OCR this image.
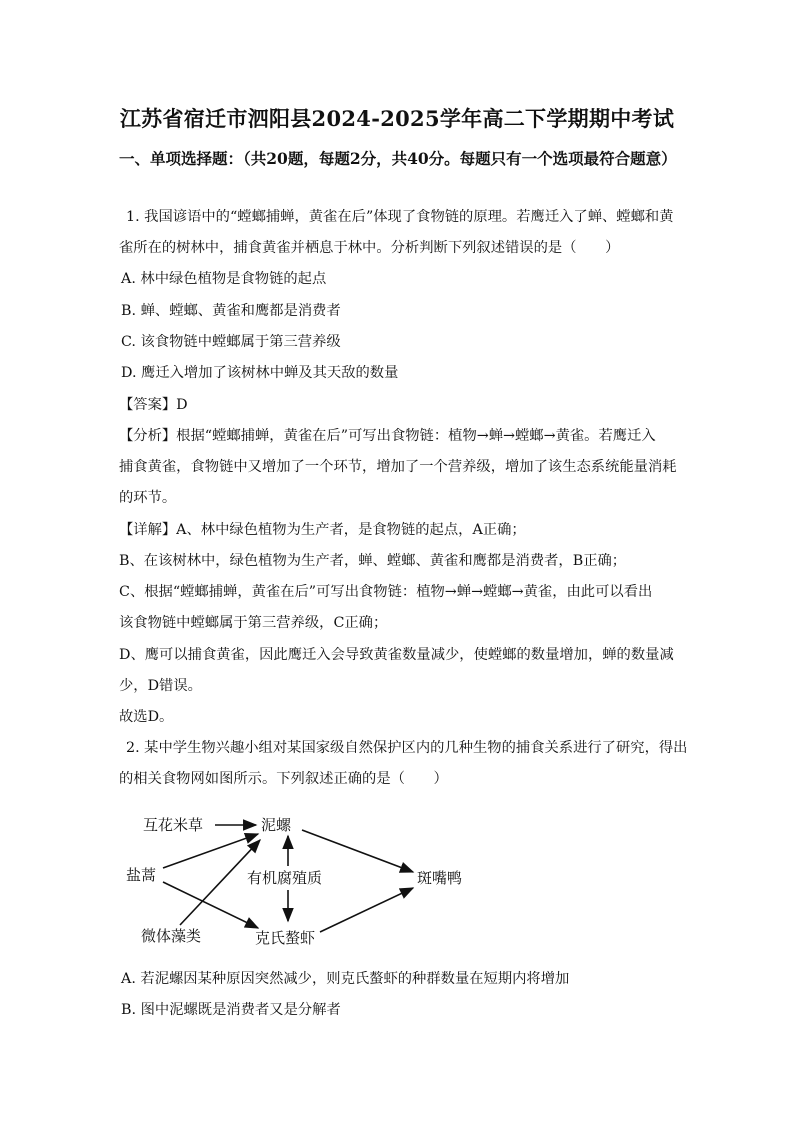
江苏省宿迁市泗阳县2024-2025学年高二下学期期中考试
一、单项选择题：（共20题，每题2分，共40分。每题只有一个选项最符合题意）
1. 我国谚语中的“螳螂捕蝉，黄雀在后”体现了食物链的原理。若鹰迁入了蝉、螳螂和黄
雀所在的树林中，捕食黄雀并栖息于林中。分析判断下列叙述错误的是（　　）
A. 林中绿色植物是食物链的起点
B. 蝉、螳螂、黄雀和鹰都是消费者
C. 该食物链中螳螂属于第三营养级
D. 鹰迁入增加了该树林中蝉及其天敌的数量
【答案】D
【分析】根据“螳螂捕蝉，黄雀在后”可写出食物链：植物→蝉→螳螂→黄雀。若鹰迁入
捕食黄雀，食物链中又增加了一个环节，增加了一个营养级，增加了该生态系统能量消耗
的环节。
【详解】A、林中绿色植物为生产者，是食物链的起点，A正确；
B、在该树林中，绿色植物为生产者，蝉、螳螂、黄雀和鹰都是消费者，B正确；
C、根据“螳螂捕蝉，黄雀在后”可写出食物链：植物→蝉→螳螂→黄雀，由此可以看出
该食物链中螳螂属于第三营养级，C正确；
D、鹰可以捕食黄雀，因此鹰迁入会导致黄雀数量减少，使螳螂的数量增加，蝉的数量减
少，D错误。
故选D。
2. 某中学生物兴趣小组对某国家级自然保护区内的几种生物的捕食关系进行了研究，得出
的相关食物网如图所示。下列叙述正确的是（　　）
互花米草	泥螺
盐蒿	有机腐殖质	斑嘴鸭
微体藻类	克氏螯虾
A. 若泥螺因某种原因突然减少，则克氏螯虾的种群数量在短期内将增加
B. 图中泥螺既是消费者又是分解者
